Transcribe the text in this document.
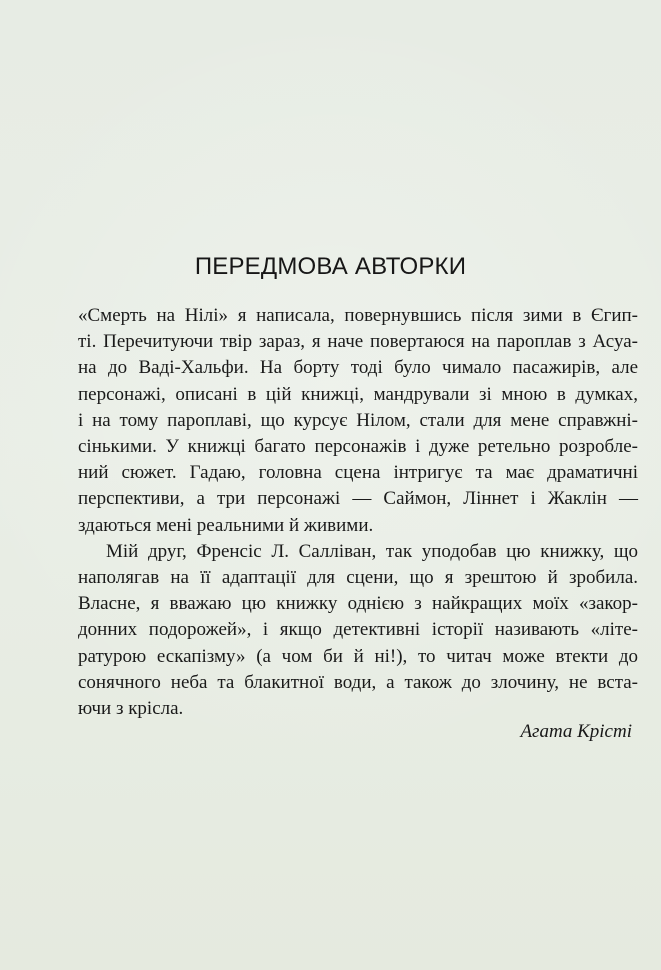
ПЕРЕДМОВА АВТОРКИ
«Смерть на Нілі» я написала, повернувшись після зими в Єгип-
ті. Перечитуючи твір зараз, я наче повертаюся на пароплав з Асуа-
на до Ваді-Хальфи. На борту тоді було чимало пасажирів, але
персонажі, описані в цій книжці, мандрували зі мною в думках,
і на тому пароплаві, що курсує Нілом, стали для мене справжні-
сінькими. У книжці багато персонажів і дуже ретельно розроблe-
ний сюжет. Гадаю, головна сцена інтригує та має драматичні
перспективи, а три персонажі — Саймон, Ліннет і Жаклін —
здаються мені реальними й живими.
Мій друг, Френсіс Л. Салліван, так уподобав цю книжку, що
наполягав на її адаптації для сцени, що я зрештою й зробила.
Власне, я вважаю цю книжку однією з найкращих моїх «закор-
донних подорожей», і якщо детективні історії називають «літе-
ратурою ескапізму» (а чом би й ні!), то читач може втекти до
сонячного неба та блакитної води, а також до злочину, не вста-
ючи з крісла.
Агата Крісті
